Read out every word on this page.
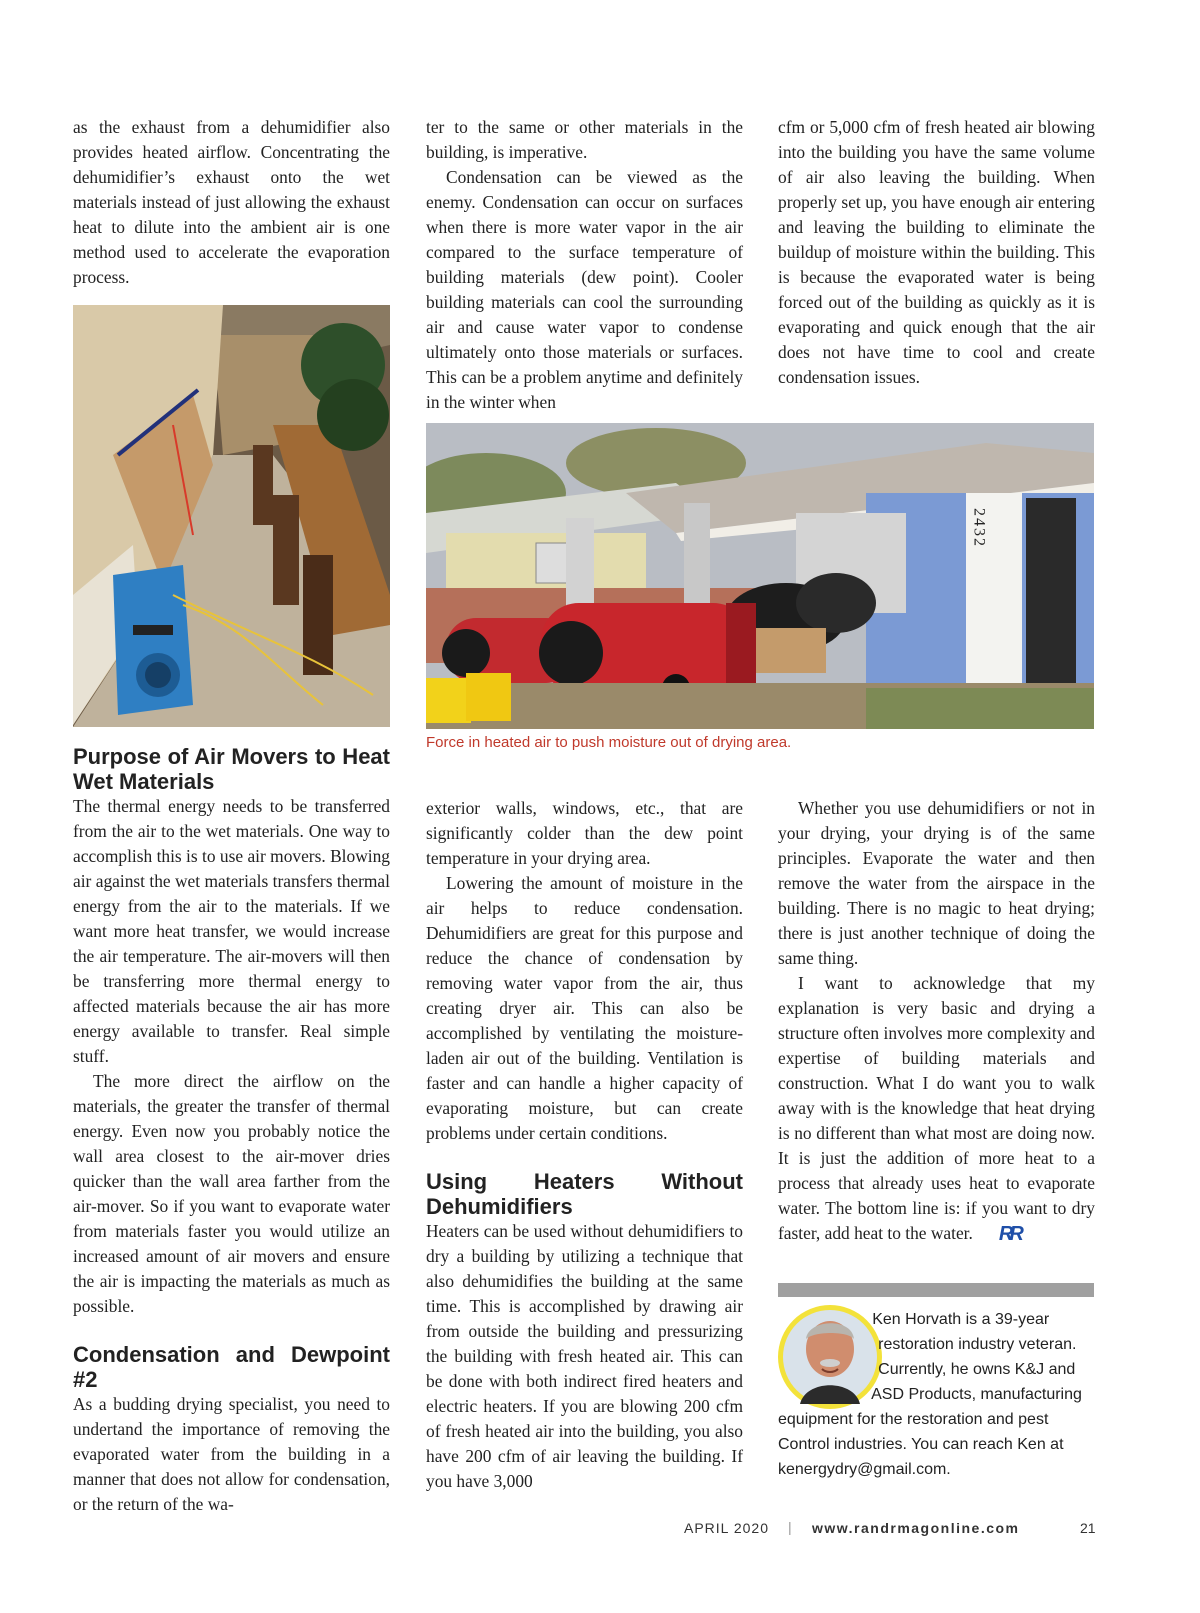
as the exhaust from a dehumidifier also provides heated airflow. Concentrating the dehumidifier’s exhaust onto the wet materials instead of just allowing the exhaust heat to dilute into the ambient air is one method used to accelerate the evaporation process.

Purpose of Air Movers to Heat Wet Materials

The thermal energy needs to be transferred from the air to the wet materials. One way to accomplish this is to use air movers. Blowing air against the wet materials transfers thermal energy from the air to the materials. If we want more heat transfer, we would increase the air temperature. The air-movers will then be transferring more thermal energy to affected materials because the air has more energy available to transfer. Real simple stuff.

The more direct the airflow on the materials, the greater the transfer of thermal energy. Even now you probably notice the wall area closest to the air-mover dries quicker than the wall area farther from the air-mover. So if you want to evaporate water from materials faster you would utilize an increased amount of air movers and ensure the air is impacting the materials as much as possible.

Condensation and Dewpoint #2

As a budding drying specialist, you need to undertand the importance of removing the evaporated water from the building in a manner that does not allow for condensation, or the return of the wa-

ter to the same or other materials in the building, is imperative.

Condensation can be viewed as the enemy. Condensation can occur on surfaces when there is more water vapor in the air compared to the surface temperature of building materials (dew point). Cooler building materials can cool the surrounding air and cause water vapor to condense ultimately onto those materials or surfaces. This can be a problem anytime and definitely in the winter when

cfm or 5,000 cfm of fresh heated air blowing into the building you have the same volume of air also leaving the building. When properly set up, you have enough air entering and leaving the building to eliminate the buildup of moisture within the building. This is because the evaporated water is being forced out of the building as quickly as it is evaporating and quick enough that the air does not have time to cool and create condensation issues.

2432
Force in heated air to push moisture out of drying area.

exterior walls, windows, etc., that are significantly colder than the dew point temperature in your drying area.

Lowering the amount of moisture in the air helps to reduce condensation. Dehumidifiers are great for this purpose and reduce the chance of condensation by removing water vapor from the air, thus creating dryer air. This can also be accomplished by ventilating the moisture-laden air out of the building. Ventilation is faster and can handle a higher capacity of evaporating moisture, but can create problems under certain conditions.

Using Heaters Without Dehumidifiers

Heaters can be used without dehumidifiers to dry a building by utilizing a technique that also dehumidifies the building at the same time. This is accomplished by drawing air from outside the building and pressurizing the building with fresh heated air. This can be done with both indirect fired heaters and electric heaters. If you are blowing 200 cfm of fresh heated air into the building, you also have 200 cfm of air leaving the building. If you have 3,000

Whether you use dehumidifiers or not in your drying, your drying is of the same principles. Evaporate the water and then remove the water from the airspace in the building. There is no magic to heat drying; there is just another technique of doing the same thing.

I want to acknowledge that my explanation is very basic and drying a structure often involves more complexity and expertise of building materials and construction. What I do want you to walk away with is the knowledge that heat drying is no different than what most are doing now. It is just the addition of more heat to a process that already uses heat to evaporate water. The bottom line is: if you want to dry faster, add heat to the water. RR

Ken Horvath is a 39-year restoration industry veteran. Currently, he owns K&J and ASD Products, manufacturing equipment for the restoration and pest Control industries. You can reach Ken at kenergydry@gmail.com.
APRIL 2020 | www.randrmagonline.com	21
